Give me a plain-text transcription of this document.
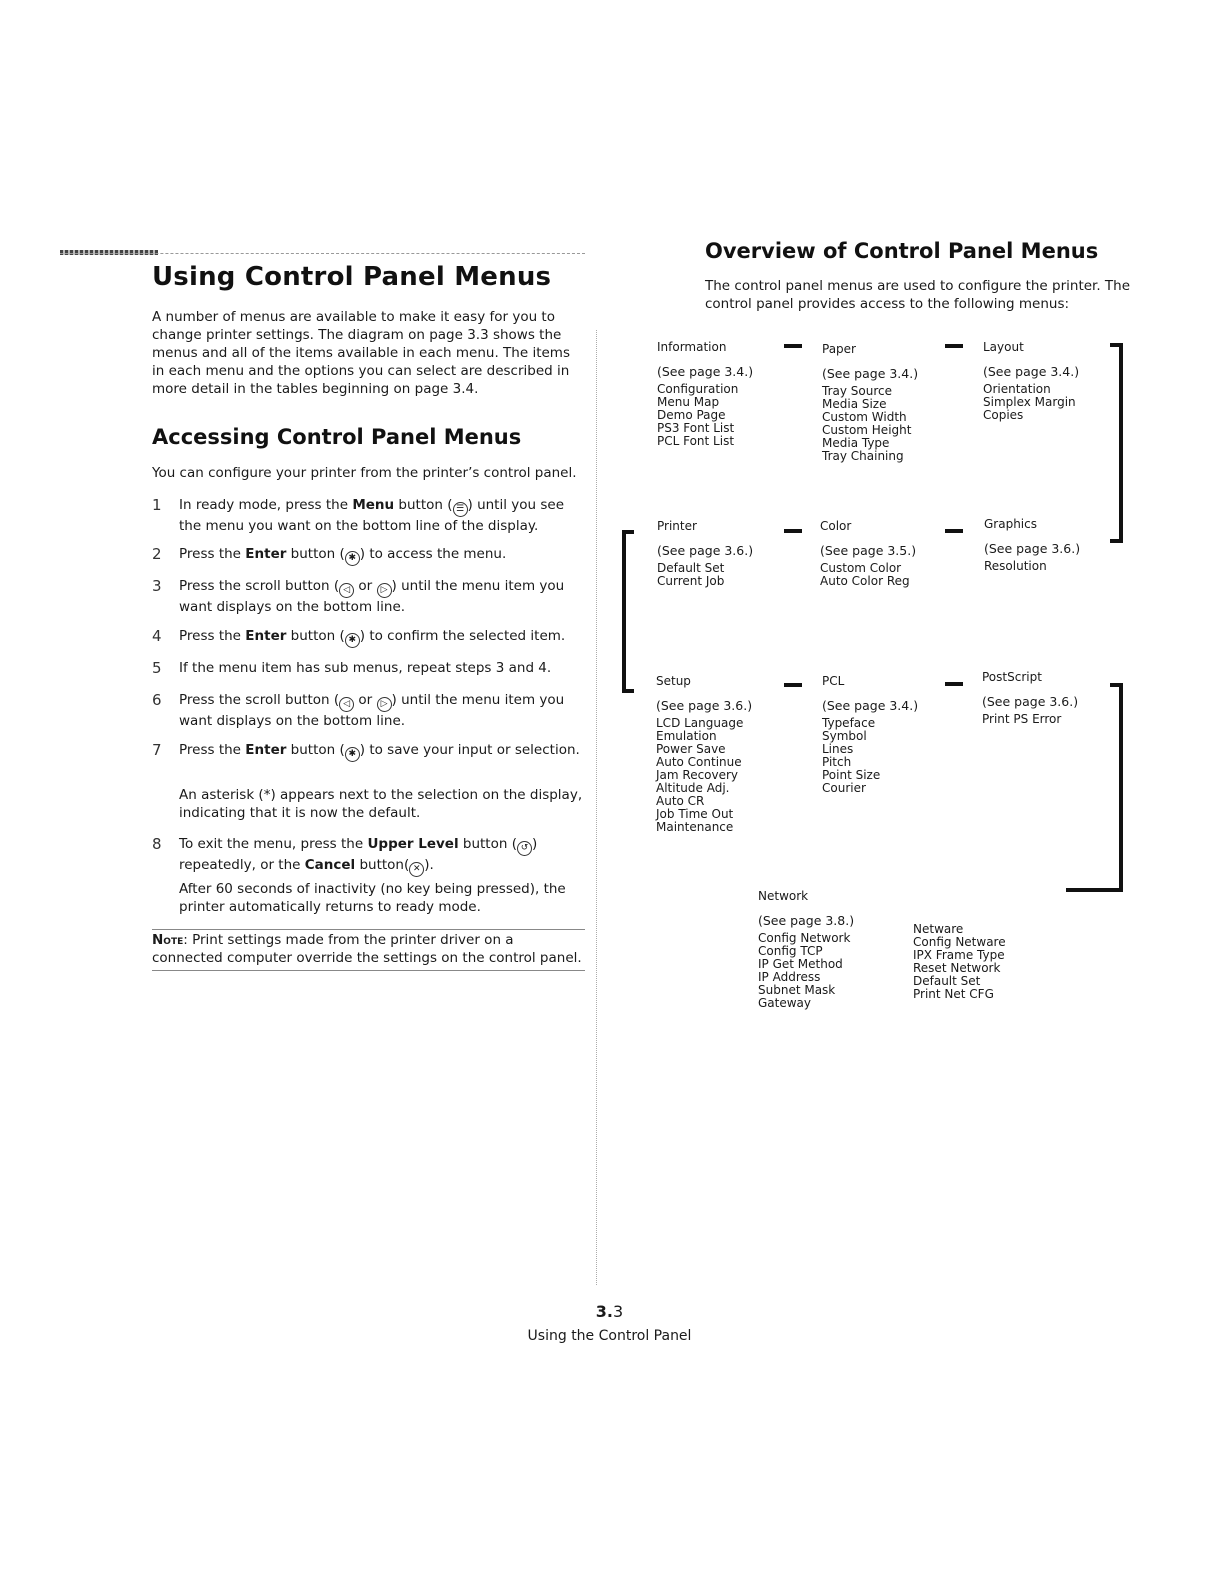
Using Control Panel Menus

A number of menus are available to make it easy for you to change printer settings. The diagram on page 3.3 shows the menus and all of the items available in each menu. The items in each menu and the options you can select are described in more detail in the tables beginning on page 3.4.

Accessing Control Panel Menus

You can configure your printer from the printer’s control panel.

1 In ready mode, press the Menu button ( ☰ ) until you see the menu you want on the bottom line of the display.
2 Press the Enter button ( ✱ ) to access the menu.
3 Press the scroll button ( ◁ or ▷ ) until the menu item you want displays on the bottom line.
4 Press the Enter button ( ✱ ) to confirm the selected item.
5 If the menu item has sub menus, repeat steps 3 and 4.
6 Press the scroll button ( ◁ or ▷ ) until the menu item you want displays on the bottom line.
7 Press the Enter button ( ✱ ) to save your input or selection.
An asterisk (*) appears next to the selection on the display, indicating that it is now the default.
8 To exit the menu, press the Upper Level button ( ↺ ) repeatedly, or the Cancel button( ✕ ).
After 60 seconds of inactivity (no key being pressed), the printer automatically returns to ready mode.

Note: Print settings made from the printer driver on a connected computer override the settings on the control panel.

Overview of Control Panel Menus

The control panel menus are used to configure the printer. The control panel provides access to the following menus:

Information
(See page 3.4.)
Configuration
Menu Map
Demo Page
PS3 Font List
PCL Font List
Paper
(See page 3.4.)
Tray Source
Media Size
Custom Width
Custom Height
Media Type
Tray Chaining
Layout
(See page 3.4.)
Orientation
Simplex Margin
Copies
Printer
(See page 3.6.)
Default Set
Current Job
Color
(See page 3.5.)
Custom Color
Auto Color Reg
Graphics
(See page 3.6.)
Resolution
Setup
(See page 3.6.)
LCD Language
Emulation
Power Save
Auto Continue
Jam Recovery
Altitude Adj.
Auto CR
Job Time Out
Maintenance
PCL
(See page 3.4.)
Typeface
Symbol
Lines
Pitch
Point Size
Courier
PostScript
(See page 3.6.)
Print PS Error
Network
(See page 3.8.)
Config Network
Config TCP
IP Get Method
IP Address
Subnet Mask
Gateway
Netware
Config Netware
IPX Frame Type
Reset Network
Default Set
Print Net CFG
3.3
Using the Control Panel
